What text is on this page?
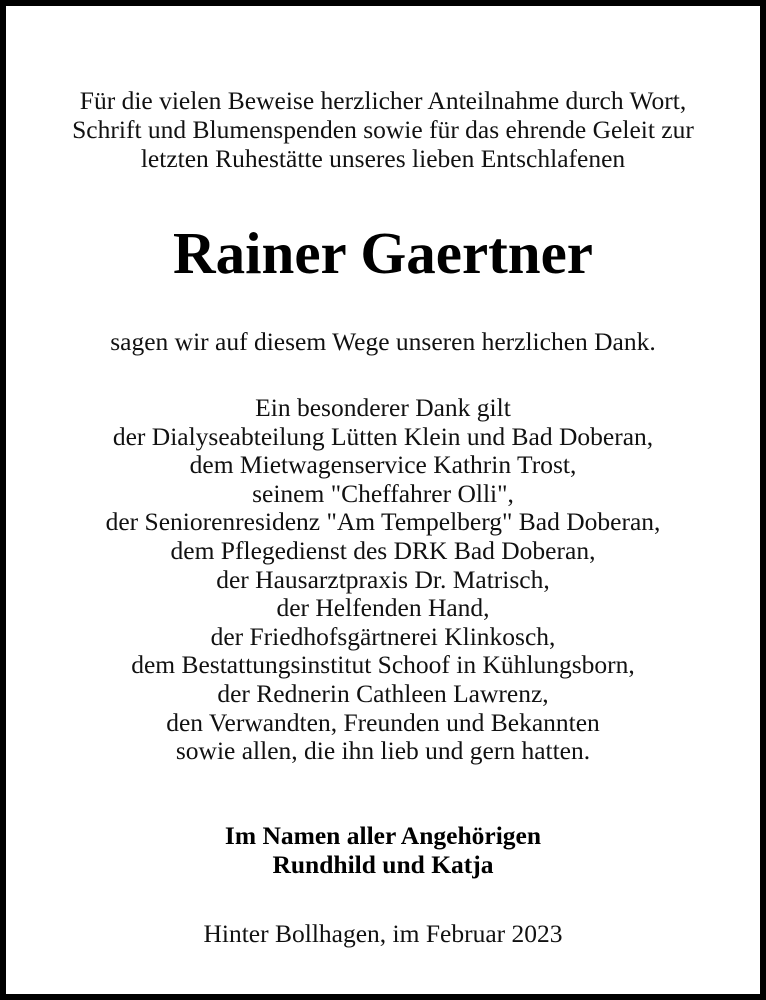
Für die vielen Beweise herzlicher Anteilnahme durch Wort,
Schrift und Blumenspenden sowie für das ehrende Geleit zur
letzten Ruhestätte unseres lieben Entschlafenen
Rainer Gaertner
sagen wir auf diesem Wege unseren herzlichen Dank.
Ein besonderer Dank gilt
der Dialyseabteilung Lütten Klein und Bad Doberan,
dem Mietwagenservice Kathrin Trost,
seinem "Cheffahrer Olli",
der Seniorenresidenz "Am Tempelberg" Bad Doberan,
dem Pflegedienst des DRK Bad Doberan,
der Hausarztpraxis Dr. Matrisch,
der Helfenden Hand,
der Friedhofsgärtnerei Klinkosch,
dem Bestattungsinstitut Schoof in Kühlungsborn,
der Rednerin Cathleen Lawrenz,
den Verwandten, Freunden und Bekannten
sowie allen, die ihn lieb und gern hatten.
Im Namen aller Angehörigen
Rundhild und Katja
Hinter Bollhagen, im Februar 2023
